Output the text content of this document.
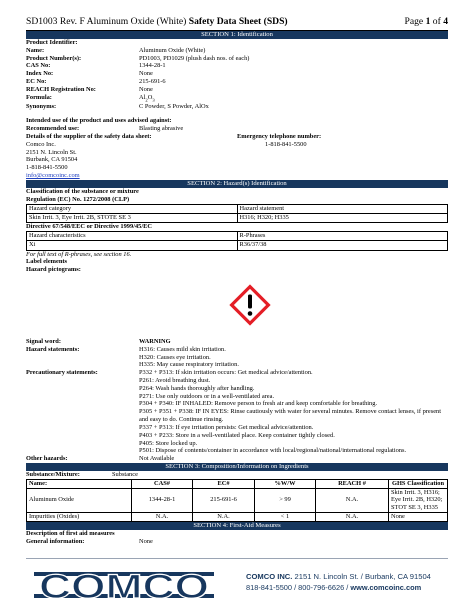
SD1003 Rev. F Aluminum Oxide (White) Safety Data Sheet (SDS)	Page 1 of 4
SECTION 1: Identification
Product Identifier:
Name:	Aluminum Oxide (White)
Product Number(s):	PD1003, PD1029 (plush dash nos. of each)
CAS No:	1344-28-1
Index No:	None
EC No:	215-691-6
REACH Registration No:	None
Formula:	$Al_2O_3$
Synonyms:	C Powder, S Powder, AlOx
Intended use of the product and uses advised against:
Recommended use:	Blasting abrasive
Details of the supplier of the safety data sheet:
Comco Inc.
2151 N. Lincoln St.
Burbank, CA 91504
1-818-841-5500
info@comcoinc.com
Emergency telephone number:
1-818-841-5500
SECTION 2: Hazard(s) Identification
Classification of the substance or mixture
Regulation (EC) No. 1272/2008 (CLP)
Hazard category	Hazard statement
Skin Irrit. 3, Eye Irrit. 2B, STOTE SE 3	H316; H320; H335
Directive 67/548/EEC or Directive 1999/45/EC
Hazard characteristics	R-Phrases
Xi	R36/37/38
For full text of R-phrases, see section 16.
Label elements
Hazard pictograms:
Signal word:	WARNING
Hazard statements:	H316: Causes mild skin irritation.
H320: Causes eye irritation.
H335: May cause respiratory irritation.
Precautionary statements:	P332 + P313: If skin irritation occurs: Get medical advice/attention.
P261: Avoid breathing dust.
P264: Wash hands thoroughly after handling.
P271: Use only outdoors or in a well-ventilated area.
P304 + P340: IF INHALED: Remove person to fresh air and keep comfortable for breathing.
P305 + P351 + P338: IF IN EYES: Rinse cautiously with water for several minutes. Remove contact lenses, if present and easy to do. Continue rinsing.
P337 + P313: If eye irritation persists: Get medical advice/attention.
P403 + P233: Store in a well-ventilated place. Keep container tightly closed.
P405: Store locked up.
P501: Dispose of contents/container in accordance with local/regional/national/international regulations.
Other hazards:	Not Available
SECTION 3: Composition/Information on Ingredients
Substance/Mixture:	Substance
Name:	CAS#	EC#	%W/W	REACH #	GHS Classification
Aluminum Oxide	1344-28-1	215-691-6	> 99	N.A.	Skin Irrit. 3, H316; Eye Irrit. 2B, H320; STOT SE 3, H335
Impurities (Oxides)	N.A.	N.A.	< 1	N.A.	None
SECTION 4: First-Aid Measures
Description of first aid measures
General information:	None
COMCO	COMCO INC. 2151 N. Lincoln St. / Burbank, CA 91504
818-841-5500 / 800-796-6626 / www.comcoinc.com
